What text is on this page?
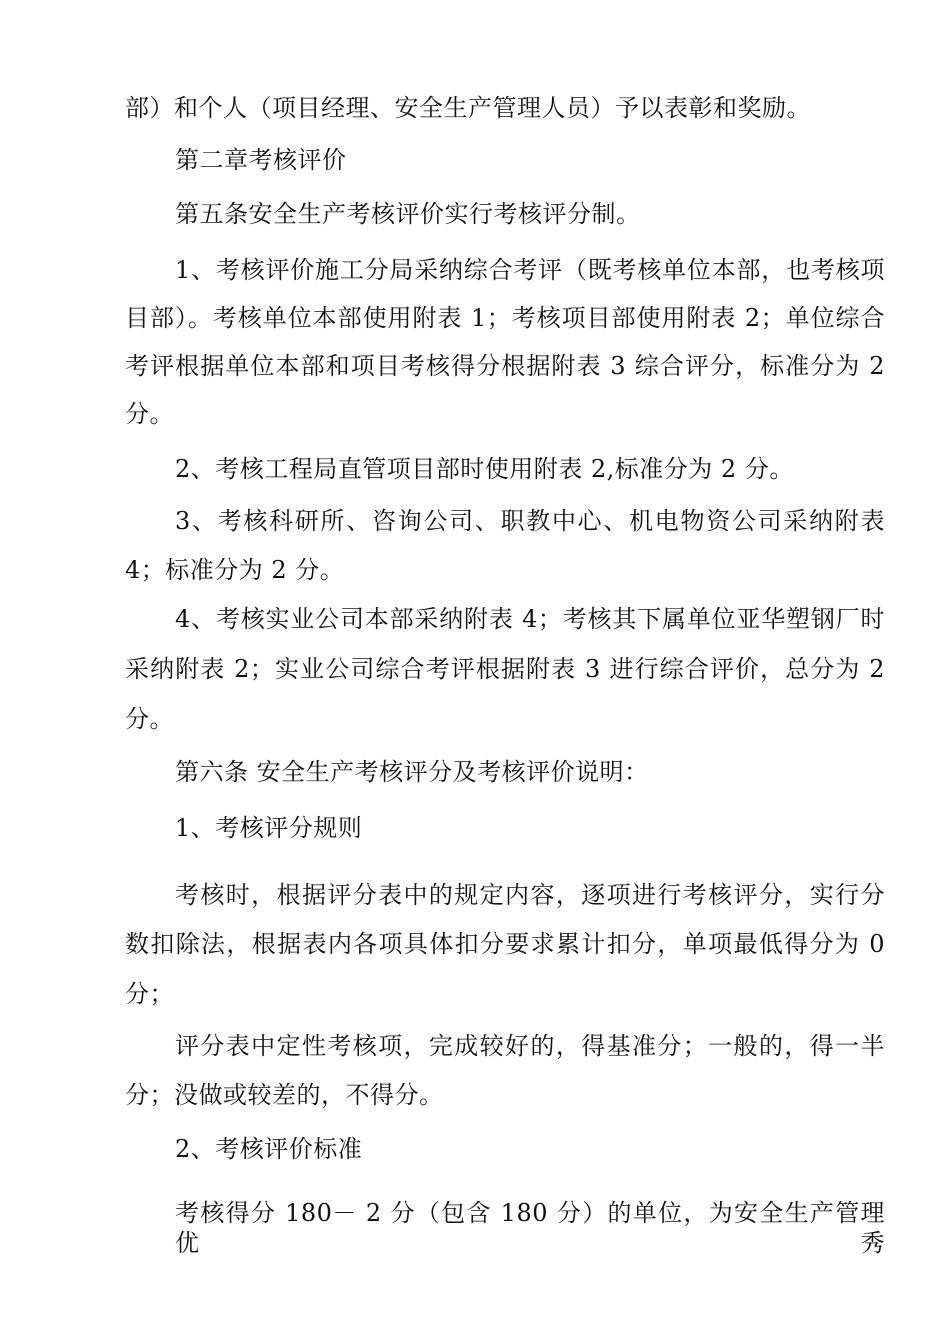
部）和个人（项目经理、安全生产管理人员）予以表彰和奖励。
第二章考核评价
第五条安全生产考核评价实行考核评分制。
1、考核评价施工分局采纳综合考评（既考核单位本部，也考核项
目部）。考核单位本部使用附表 1；考核项目部使用附表 2；单位综合
考评根据单位本部和项目考核得分根据附表 3 综合评分，标准分为 2
分。
2、考核工程局直管项目部时使用附表 2,标准分为 2 分。
3、考核科研所、咨询公司、职教中心、机电物资公司采纳附表
4；标准分为 2 分。
4、考核实业公司本部采纳附表 4；考核其下属单位亚华塑钢厂时
采纳附表 2；实业公司综合考评根据附表 3 进行综合评价，总分为 2
分。
第六条 安全生产考核评分及考核评价说明：
1、考核评分规则
考核时，根据评分表中的规定内容，逐项进行考核评分，实行分
数扣除法，根据表内各项具体扣分要求累计扣分，单项最低得分为 0
分；
评分表中定性考核项，完成较好的，得基准分；一般的，得一半
分；没做或较差的，不得分。
2、考核评价标准
考核得分 180－ 2 分（包含 180 分）的单位，为安全生产管理优秀
